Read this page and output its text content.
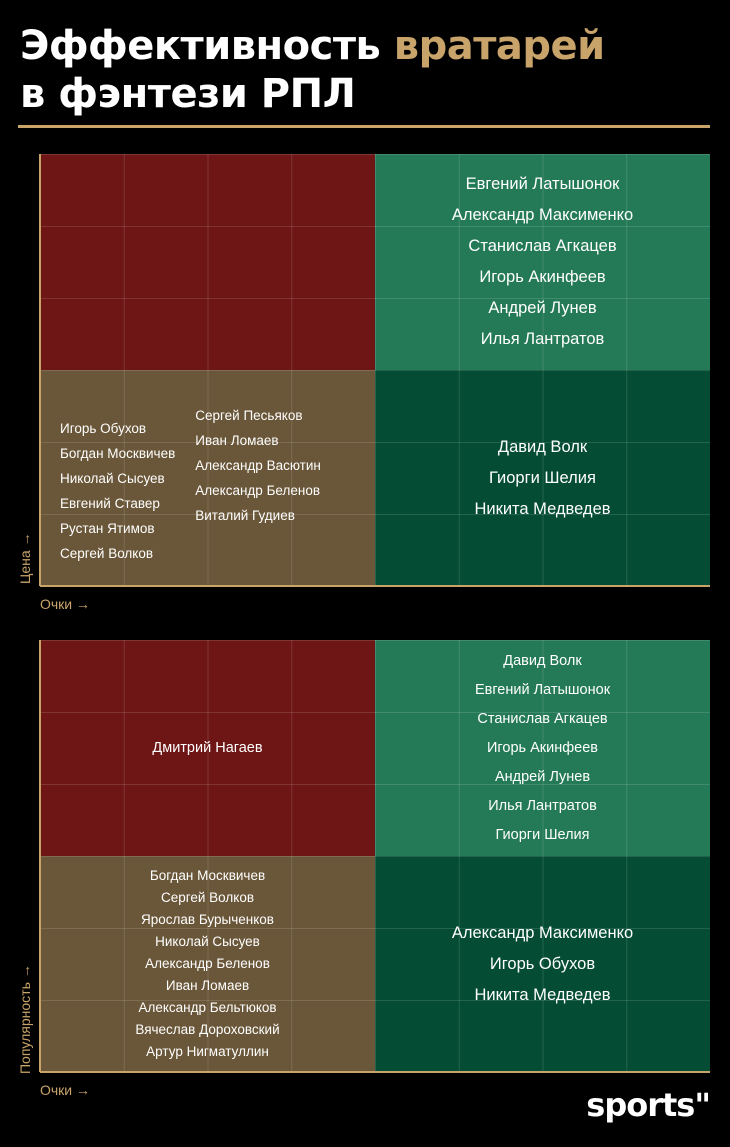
Эффективность вратарей
в фэнтези РПЛ
Евгений Латышонок
Александр Максименко
Станислав Агкацев
Игорь Акинфеев
Андрей Лунев
Илья Лантратов
Игорь Обухов
Богдан Москвичев
Николай Сысуев
Евгений Ставер
Рустан Ятимов
Сергей Волков
Сергей Песьяков
Иван Ломаев
Александр Васютин
Александр Беленов
Виталий Гудиев
Давид Волк
Гиорги Шелия
Никита Медведев
Цена →
Очки →
Дмитрий Нагаев
Давид Волк
Евгений Латышонок
Станислав Агкацев
Игорь Акинфеев
Андрей Лунев
Илья Лантратов
Гиорги Шелия
Богдан Москвичев
Сергей Волков
Ярослав Бурыченков
Николай Сысуев
Александр Беленов
Иван Ломаев
Александр Бельтюков
Вячеслав Дороховский
Артур Нигматуллин
Александр Максименко
Игорь Обухов
Никита Медведев
Популярность →
Очки →	sports"
